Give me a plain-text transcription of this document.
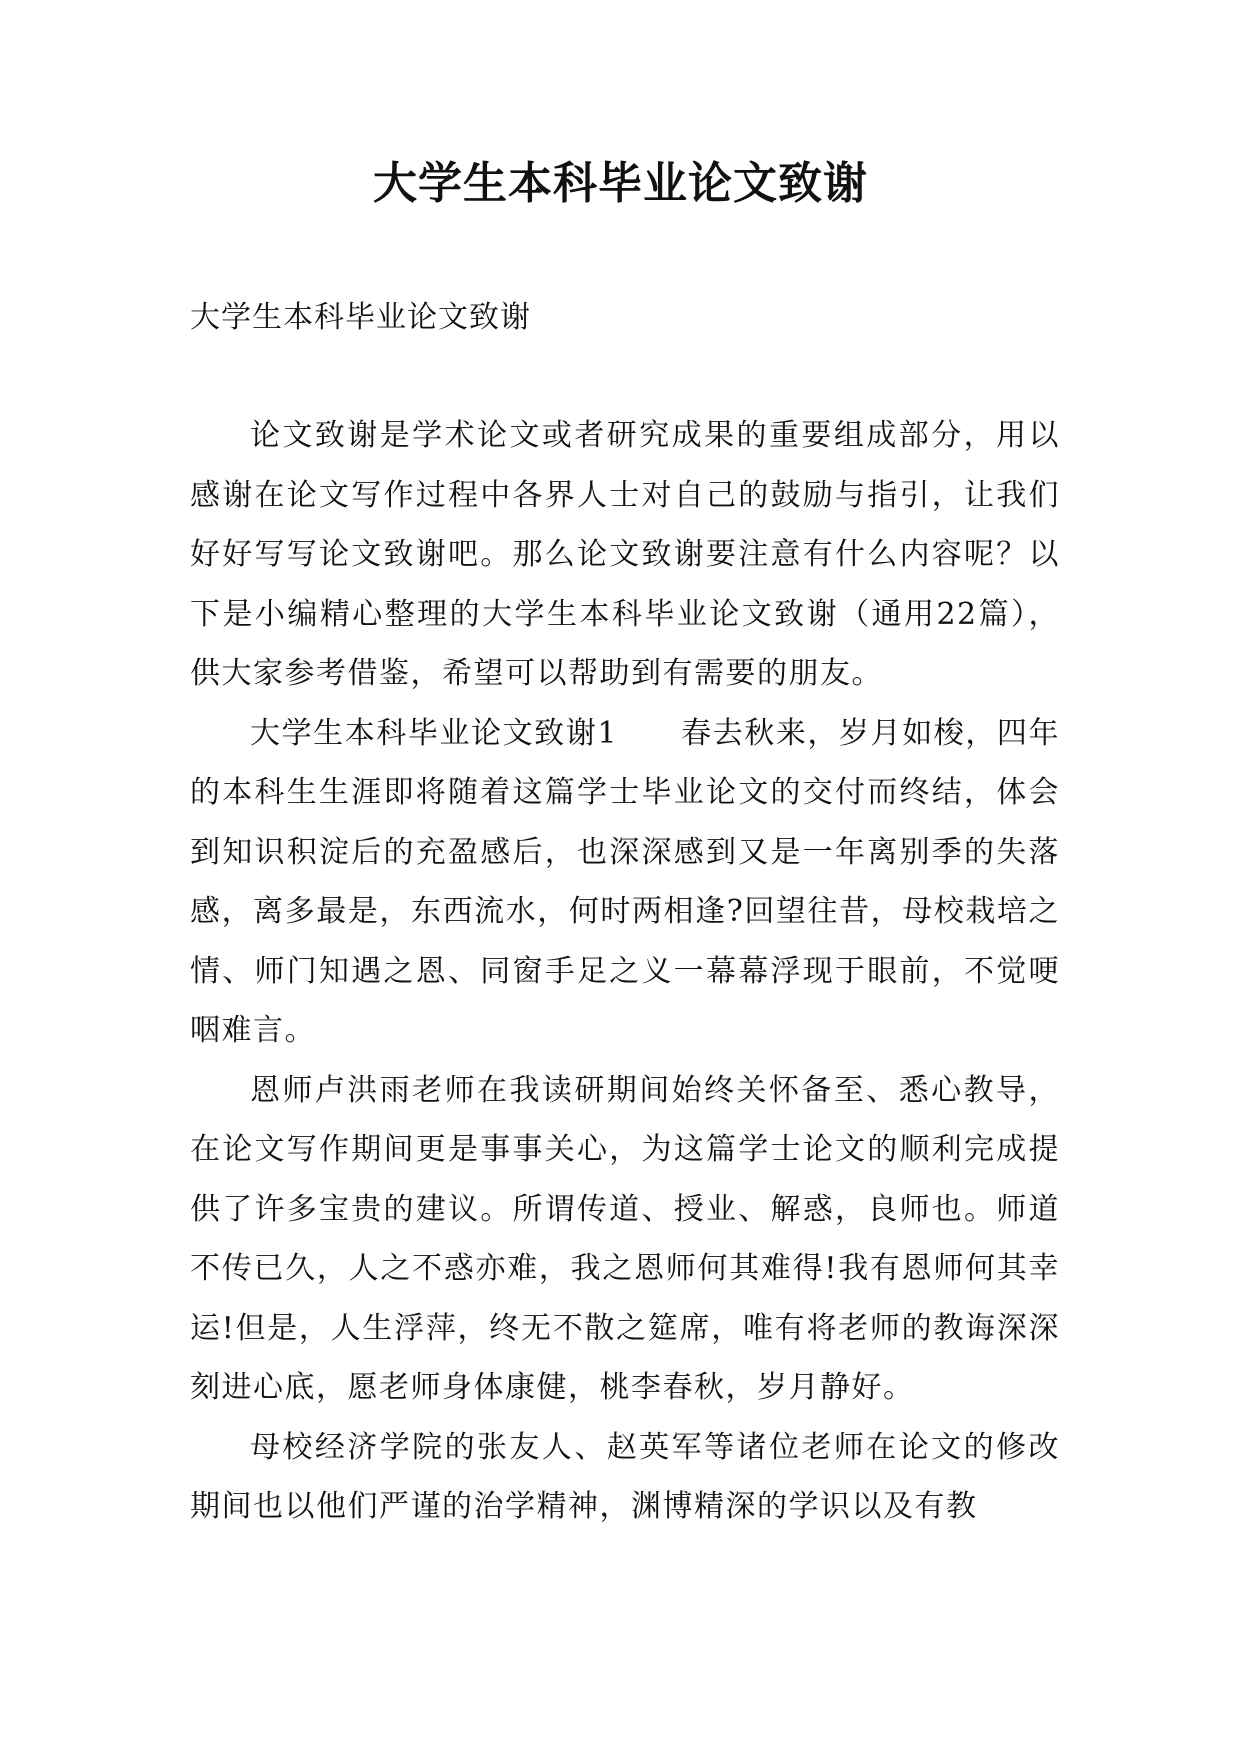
大学生本科毕业论文致谢

大学生本科毕业论文致谢

论文致谢是学术论文或者研究成果的重要组成部分，用以感谢在论文写作过程中各界人士对自己的鼓励与指引，让我们好好写写论文致谢吧。那么论文致谢要注意有什么内容呢？以下是小编精心整理的大学生本科毕业论文致谢（通用22篇），供大家参考借鉴，希望可以帮助到有需要的朋友。

大学生本科毕业论文致谢1　　春去秋来，岁月如梭，四年的本科生生涯即将随着这篇学士毕业论文的交付而终结，体会到知识积淀后的充盈感后，也深深感到又是一年离别季的失落感，离多最是，东西流水，何时两相逢?回望往昔，母校栽培之情、师门知遇之恩、同窗手足之义一幕幕浮现于眼前，不觉哽咽难言。

恩师卢洪雨老师在我读研期间始终关怀备至、悉心教导，在论文写作期间更是事事关心，为这篇学士论文的顺利完成提供了许多宝贵的建议。所谓传道、授业、解惑，良师也。师道不传已久，人之不惑亦难，我之恩师何其难得!我有恩师何其幸运!但是，人生浮萍，终无不散之筵席，唯有将老师的教诲深深刻进心底，愿老师身体康健，桃李春秋，岁月静好。

母校经济学院的张友人、赵英军等诸位老师在论文的修改期间也以他们严谨的治学精神，渊博精深的学识以及有教
